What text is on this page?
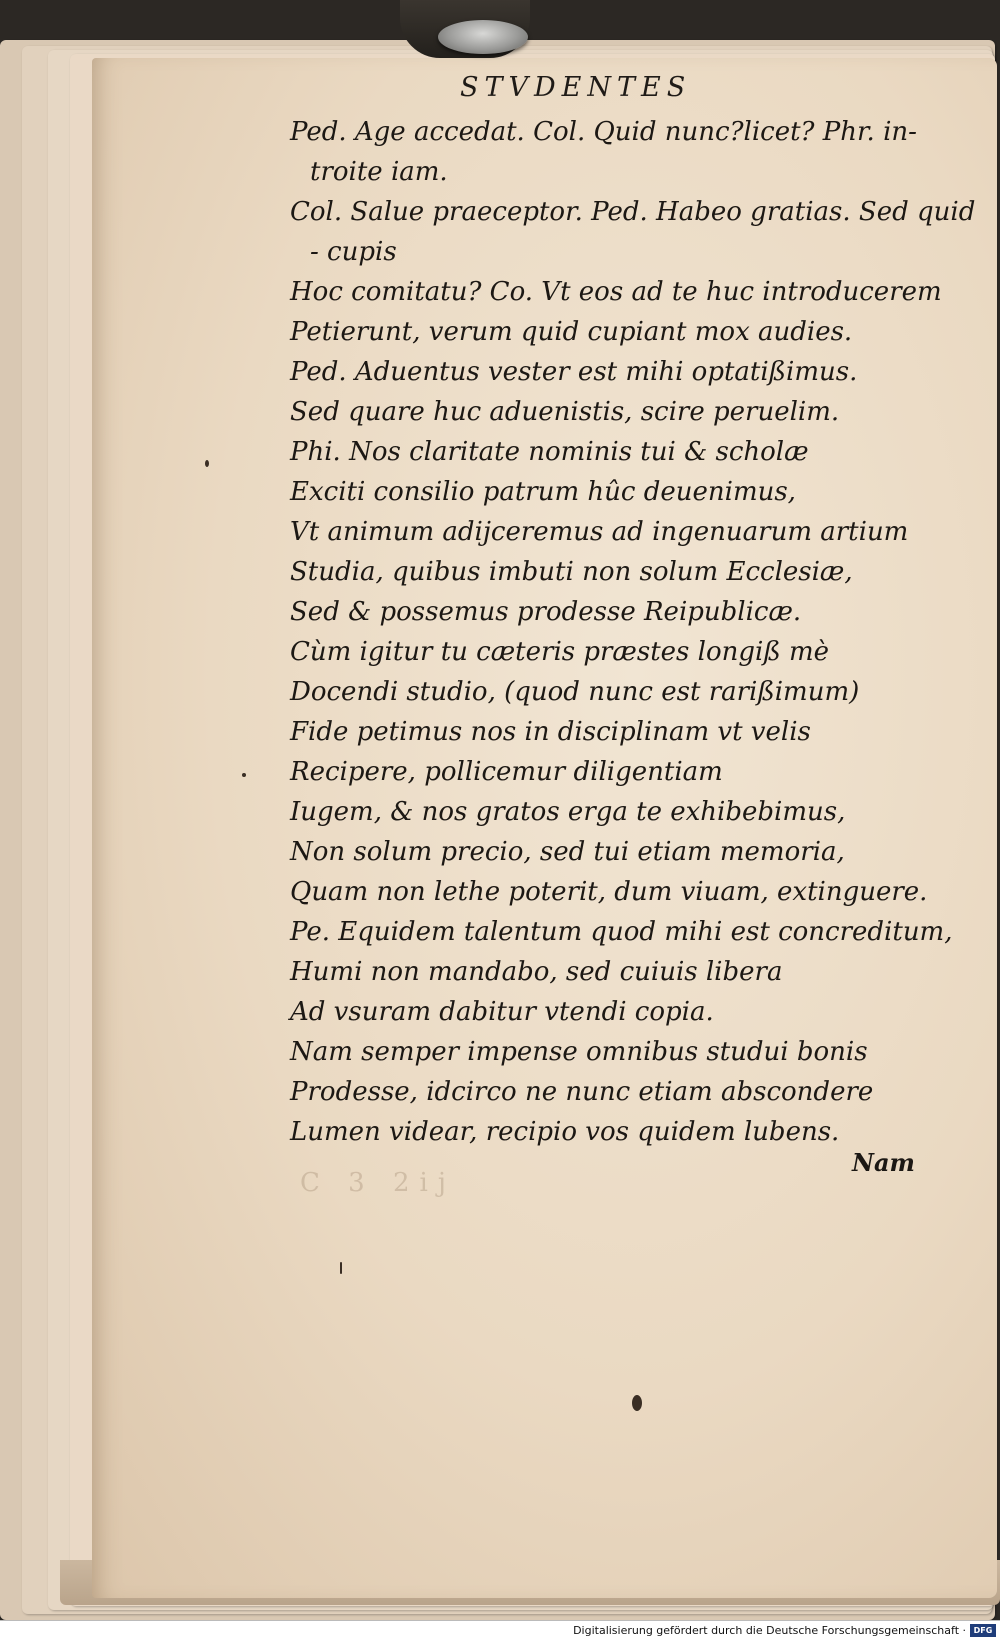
STVDENTES
Ped. Age accedat. Col. Quid nunc?licet? Phr. in-
troite iam.
Col. Salue praeceptor. Ped. Habeo gratias. Sed quid
- cupis
Hoc comitatu? Co. Vt eos ad te huc introducerem
Petierunt, verum quid cupiant mox audies.
Ped. Aduentus vester est mihi optatißimus.
Sed quare huc aduenistis, scire peruelim.
Phi. Nos claritate nominis tui & scholæ
Exciti consilio patrum hûc deuenimus,
Vt animum adijceremus ad ingenuarum artium
Studia, quibus imbuti non solum Ecclesiæ,
Sed & possemus prodesse Reipublicæ.
Cùm igitur tu cæteris præstes longiß mè
Docendi studio, (quod nunc est rarißimum)
Fide petimus nos in disciplinam vt velis
Recipere, pollicemur diligentiam
Iugem, & nos gratos erga te exhibebimus,
Non solum precio, sed tui etiam memoria,
Quam non lethe poterit, dum viuam, extinguere.
Pe. Equidem talentum quod mihi est concreditum,
Humi non mandabo, sed cuiuis libera
Ad vsuram dabitur vtendi copia.
Nam semper impense omnibus studui bonis
Prodesse, idcirco ne nunc etiam abscondere
Lumen videar, recipio vos quidem lubens.
C 3 2ij
Nam
Digitalisierung gefördert durch die Deutsche Forschungsgemeinschaft · DFG
